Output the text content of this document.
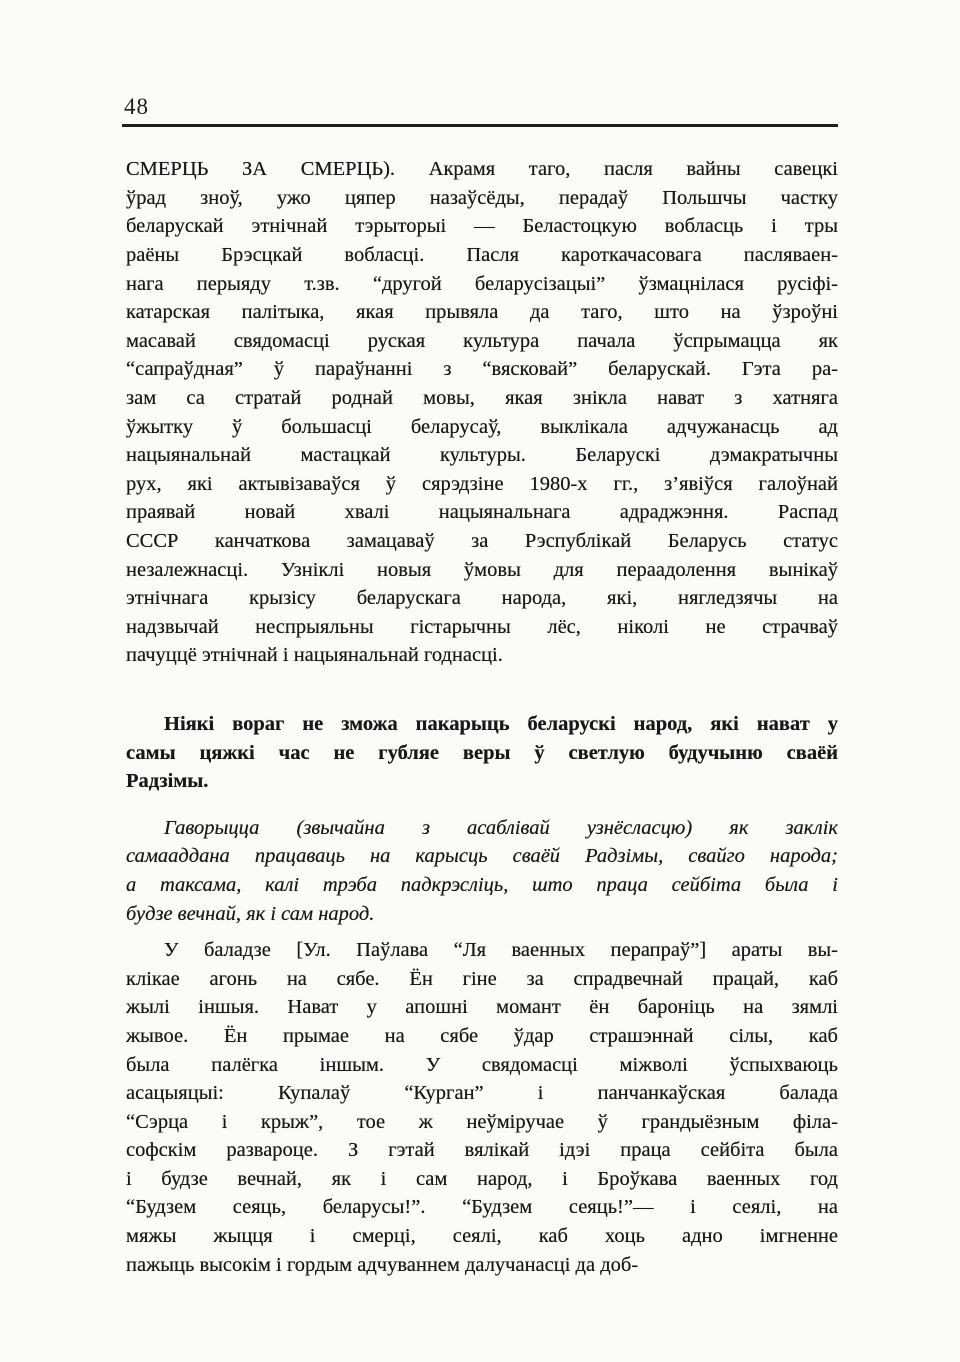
48
СМЕРЦЬ ЗА СМЕРЦЬ). Акрамя таго, пасля вайны савецкі
ўрад зноў, ужо цяпер назаўсёды, перадаў Польшчы частку
беларускай этнічнай тэрыторыі — Беластоцкую вобласць і тры
раёны Брэсцкай вобласці. Пасля кароткачасовага пасляваен-
нага перыяду т.зв. “другой беларусізацыі” ўзмацнілася русіфі-
катарская палітыка, якая прывяла да таго, што на ўзроўні
масавай свядомасці руская культура пачала ўспрымацца як
“сапраўдная” ў параўнанні з “вясковай” беларускай. Гэта ра-
зам са стратай роднай мовы, якая знікла нават з хатняга
ўжытку ў большасці беларусаў, выклікала адчужанасць ад
нацыянальнай мастацкай культуры. Беларускі дэмакратычны
рух, які актывізаваўся ў сярэдзіне 1980-х гг., з’явіўся галоўнай
праявай новай хвалі нацыянальнага адраджэння. Распад
СССР канчаткова замацаваў за Рэспублікай Беларусь статус
незалежнасці. Узніклі новыя ўмовы для пераадолення вынікаў
этнічнага крызісу беларускага народа, які, нягледзячы на
надзвычай неспрыяльны гістарычны лёс, ніколі не страчваў
пачуццё этнічнай і нацыянальнай годнасці.
Ніякі вораг не зможа пакарыць беларускі народ, які нават у
самы цяжкі час не губляе веры ў светлую будучыню сваёй
Радзімы.
Гаворыцца (звычайна з асаблівай узнёсласцю) як заклік
самааддана працаваць на карысць сваёй Радзімы, свайго народа;
а таксама, калі трэба падкрэсліць, што праца сейбіта была і
будзе вечнай, як і сам народ.
У баладзе [Ул. Паўлава “Ля ваенных перапраў”] араты вы-
клікае агонь на сябе. Ён гіне за спрадвечнай працай, каб
жылі іншыя. Нават у апошні момант ён бароніць на зямлі
жывое. Ён прымае на сябе ўдар страшэннай сілы, каб
была палёгка іншым. У свядомасці міжволі ўспыхваюць
асацыяцыі: Купалаў “Курган” і панчанкаўская балада
“Сэрца і крыж”, тое ж неўміручае ў грандыёзным філа-
софскім развароце. З гэтай вялікай ідэі праца сейбіта была
і будзе вечнай, як і сам народ, і Броўкава ваенных год
“Будзем сеяць, беларусы!”. “Будзем сеяць!”— і сеялі, на
мяжы жыцця і смерці, сеялі, каб хоць адно імгненне
пажыць высокім і гордым адчуваннем далучанасці да доб-
